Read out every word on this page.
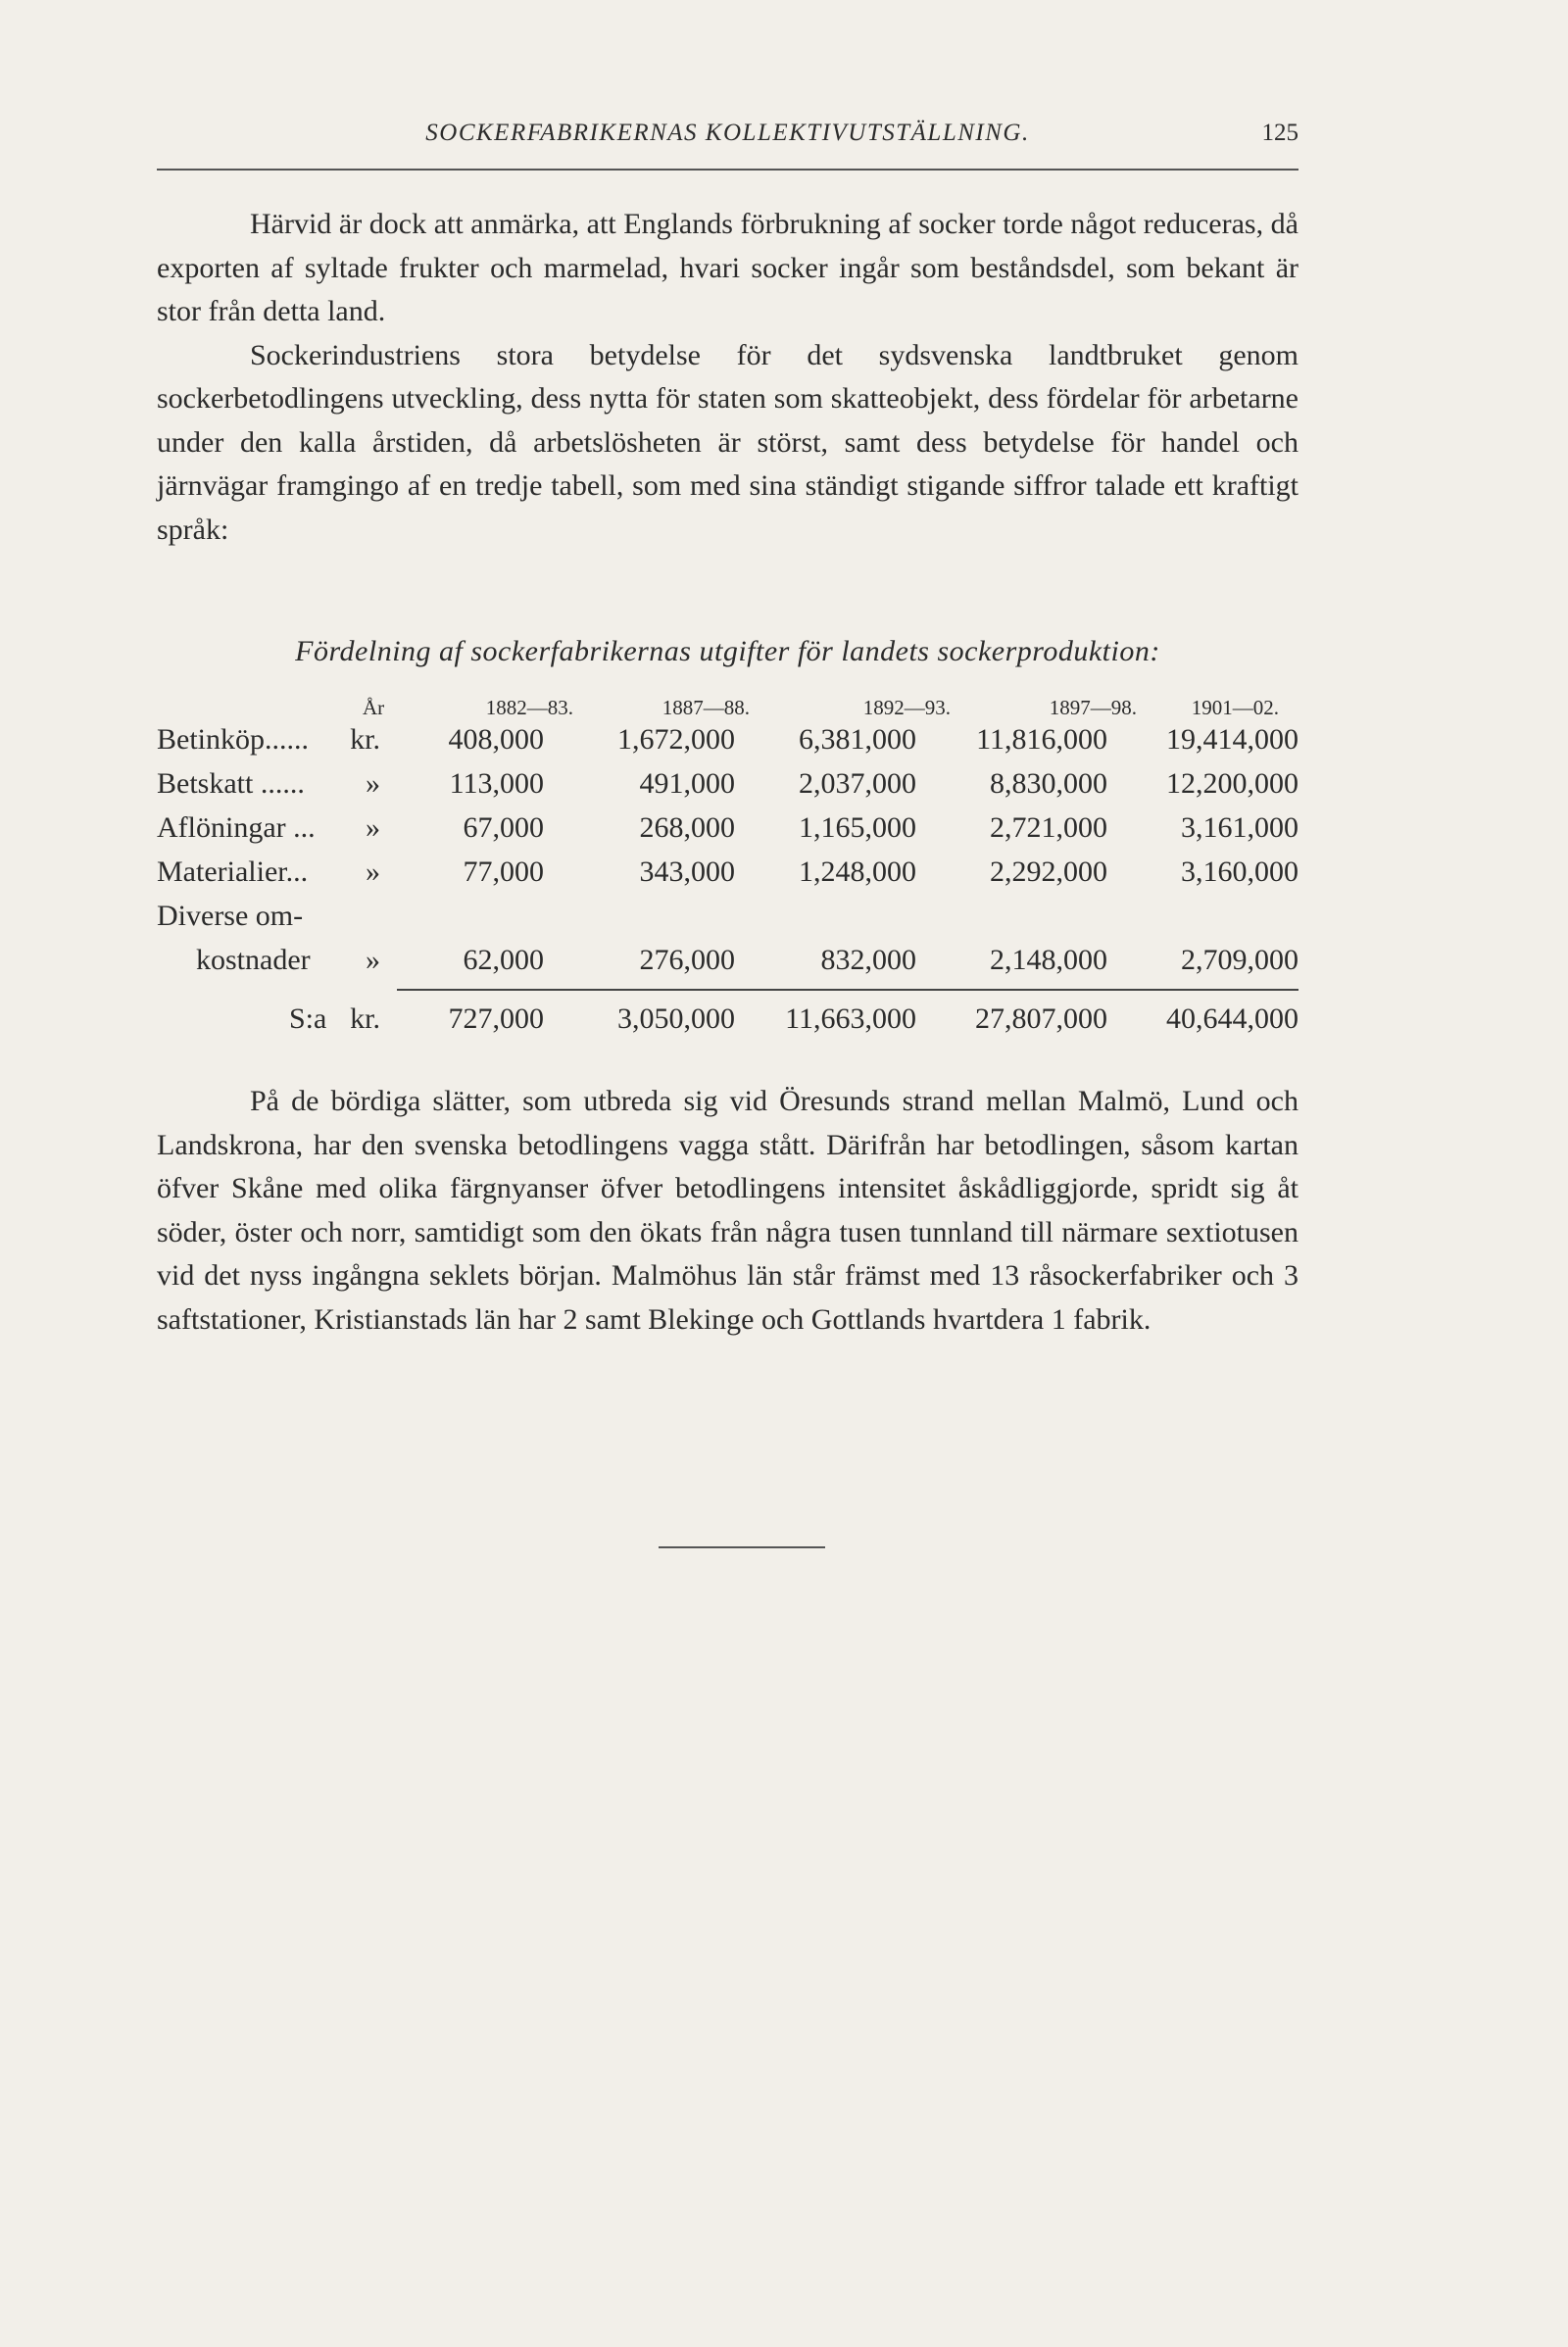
SOCKERFABRIKERNAS KOLLEKTIVUTSTÄLLNING.	125

Härvid är dock att anmärka, att Englands förbrukning af socker torde något reduceras, då exporten af syltade frukter och marmelad, hvari socker ingår som beståndsdel, som bekant är stor från detta land.

Sockerindustriens stora betydelse för det sydsvenska landtbruket genom sockerbetodlingens utveckling, dess nytta för staten som skatteobjekt, dess fördelar för arbetarne under den kalla årstiden, då arbetslösheten är störst, samt dess betydelse för handel och järnvägar framgingo af en tredje tabell, som med sina ständigt stigande siffror talade ett kraftigt språk:

Fördelning af sockerfabrikernas utgifter för landets sockerproduktion:
År	1882—83.	1887—88.	1892—93.	1897—98.	1901—02.
Betinköp......	kr. 408,000	1,672,000 6,381,000 11,816,000 19,414,000
Betskatt ......	» 113,000	491,000 2,037,000	8,830,000 12,200,000
Aflöningar ...	»	67,000	268,000 1,165,000	2,721,000	3,161,000
Materialier...	»	77,000	343,000 1,248,000	2,292,000	3,160,000
Diverse om-
kostnader	»	62,000	276,000	832,000	2,148,000	2,709,000
S:a kr. 727,000	3,050,000 11,663,000 27,807,000 40,644,000

På de bördiga slätter, som utbreda sig vid Öresunds strand mellan Malmö, Lund och Landskrona, har den svenska betodlingens vagga stått. Därifrån har betodlingen, såsom kartan öfver Skåne med olika färgnyanser öfver betodlingens intensitet åskådliggjorde, spridt sig åt söder, öster och norr, samtidigt som den ökats från några tusen tunnland till närmare sextiotusen vid det nyss ingångna seklets början. Malmöhus län står främst med 13 råsockerfabriker och 3 saftstationer, Kristianstads län har 2 samt Blekinge och Gottlands hvartdera 1 fabrik.
